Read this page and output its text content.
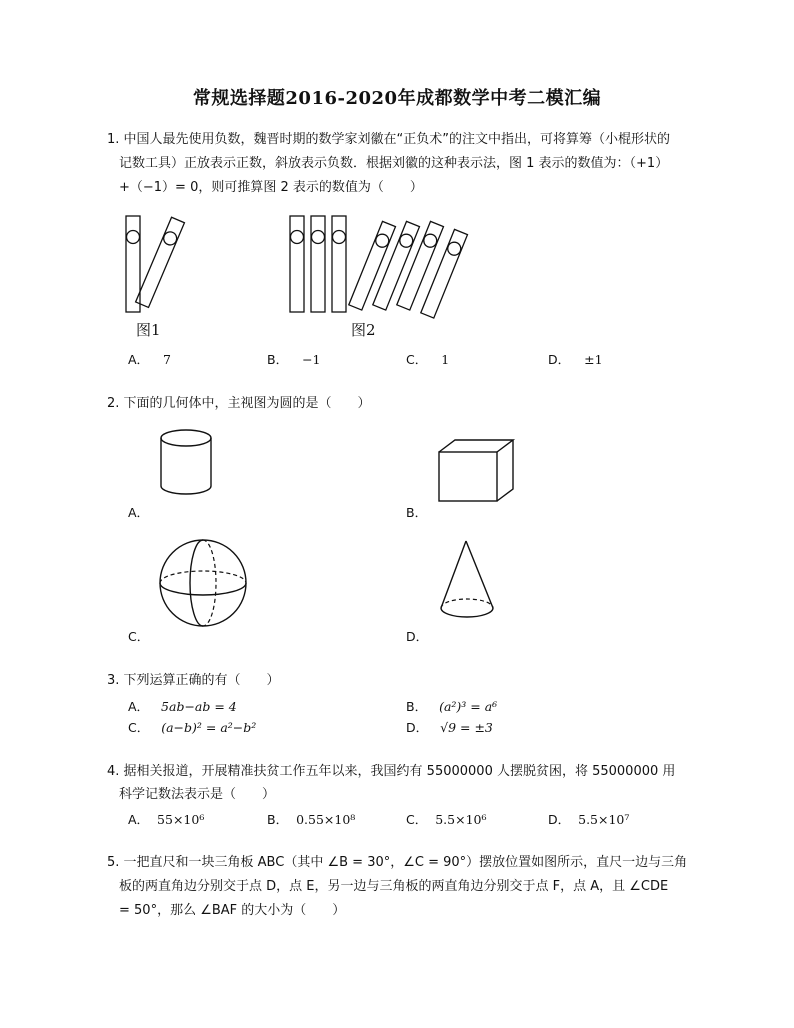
常规选择题2016-2020年成都数学中考二模汇编
1. 中国人最先使用负数，魏晋时期的数学家刘徽在“正负术”的注文中指出，可将算筹（小棍形状的
记数工具）正放表示正数，斜放表示负数．根据刘徽的这种表示法，图 1 表示的数值为：（+1）
+（−1）= 0，则可推算图 2 表示的数值为（　　）
图1	图2
A． 7	B． −1	C． 1	D． ±1
2. 下面的几何体中，主视图为圆的是（　　）
A．	B．
C．	D．
3. 下列运算正确的有（　　）
A． 5ab−ab = 4	B． (a²)³ = a⁶
C． (a−b)² = a²−b²	D． √9 = ±3
4. 据相关报道，开展精准扶贫工作五年以来，我国约有 55000000 人摆脱贫困，将 55000000 用
科学记数法表示是（　　）
A． 55×10⁶	B． 0.55×10⁸	C． 5.5×10⁶	D． 5.5×10⁷
5. 一把直尺和一块三角板 ABC（其中 ∠B = 30°，∠C = 90°）摆放位置如图所示，直尺一边与三角
板的两直角边分别交于点 D，点 E，另一边与三角板的两直角边分别交于点 F，点 A，且 ∠CDE
= 50°，那么 ∠BAF 的大小为（　　）
